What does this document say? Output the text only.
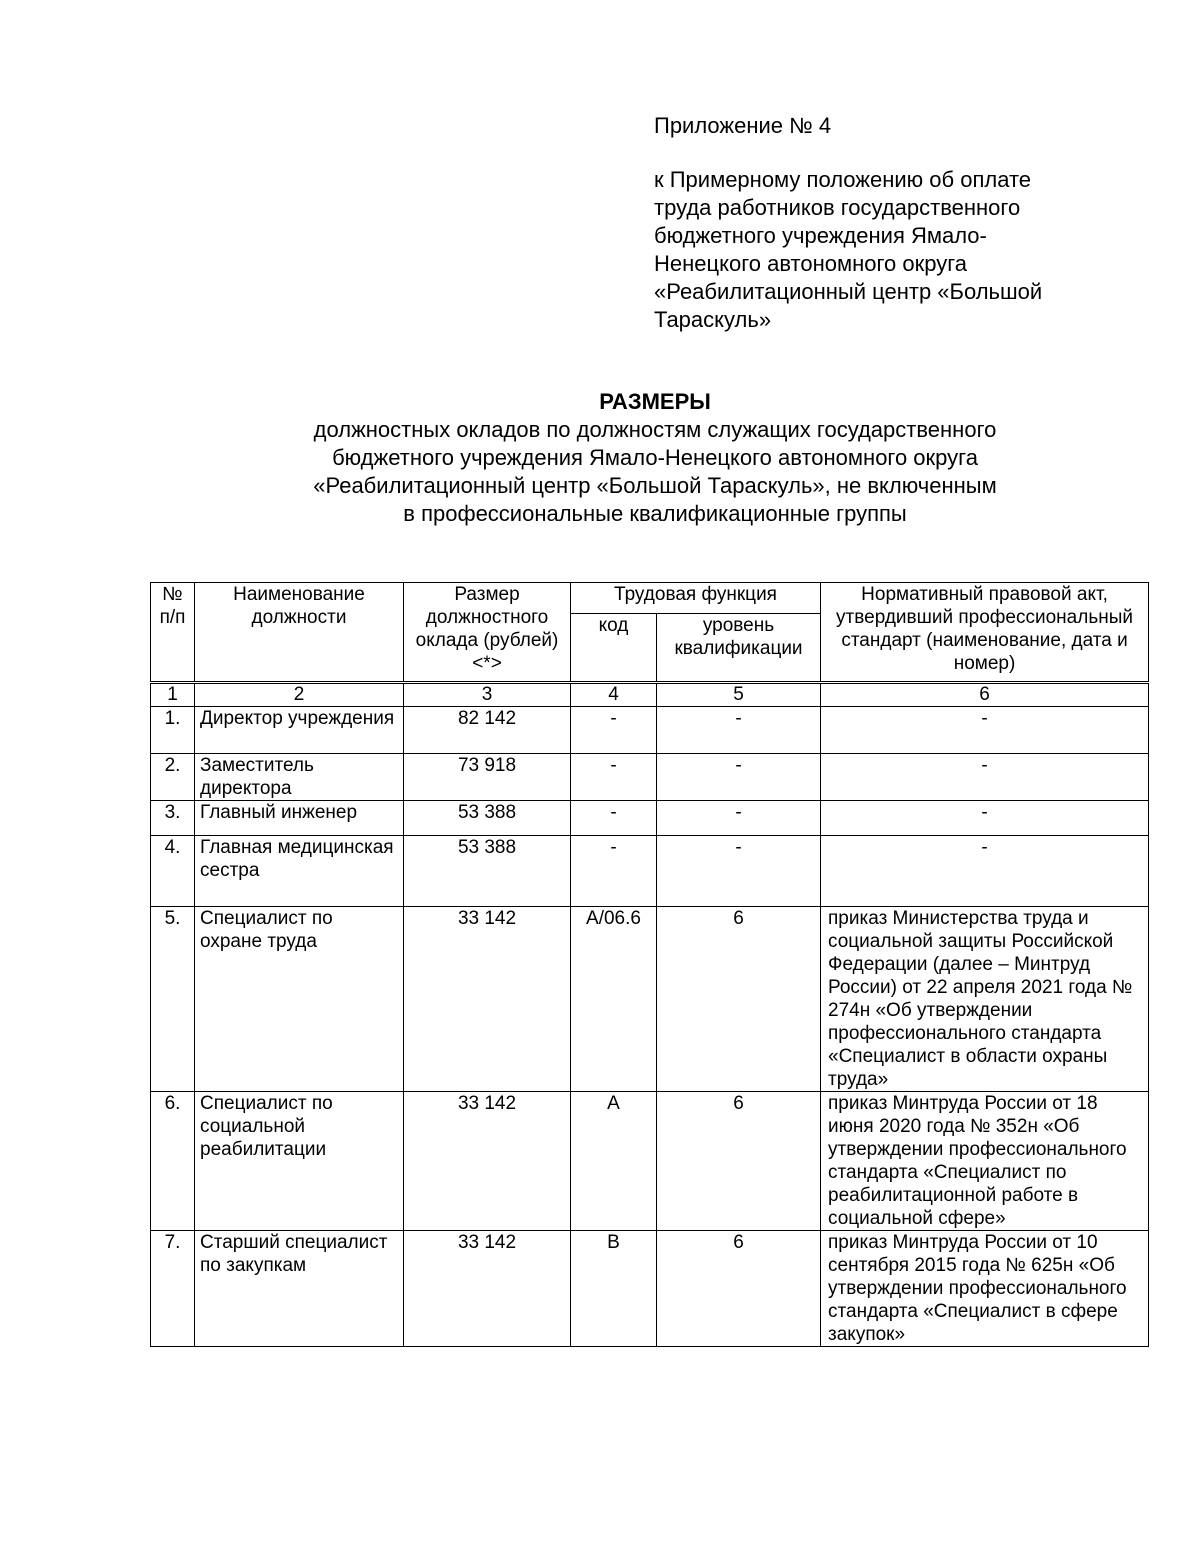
Приложение № 4
к Примерному положению об оплате
труда работников государственного
бюджетного учреждения Ямало-
Ненецкого автономного округа
«Реабилитационный центр «Большой
Тараскуль»
РАЗМЕРЫ
должностных окладов по должностям служащих государственного
бюджетного учреждения Ямало-Ненецкого автономного округа
«Реабилитационный центр «Большой Тараскуль», не включенным
в профессиональные квалификационные группы
№ п/п	Наименование должности	Размер должностного оклада (рублей) <*>	Трудовая функция		Нормативный правовой акт, утвердивший профессиональный стандарт (наименование, дата и номер)
			код	уровень квалификации	
1	2	3	4	5	6
1.	Директор учреждения	82 142	-	-	-
2.	Заместитель директора	73 918	-	-	-
3.	Главный инженер	53 388	-	-	-
4.	Главная медицинская сестра	53 388	-	-	-
5.	Специалист по охране труда	33 142	A/06.6	6	приказ Министерства труда и социальной защиты Российской Федерации (далее – Минтруд России) от 22 апреля 2021 года № 274н «Об утверждении профессионального стандарта «Специалист в области охраны труда»
6.	Специалист по социальной реабилитации	33 142	А	6	приказ Минтруда России от 18 июня 2020 года № 352н «Об утверждении профессионального стандарта «Специалист по реабилитационной работе в социальной сфере»
7.	Старший специалист по закупкам	33 142	В	6	приказ Минтруда России от 10 сентября 2015 года № 625н «Об утверждении профессионального стандарта «Специалист в сфере закупок»
